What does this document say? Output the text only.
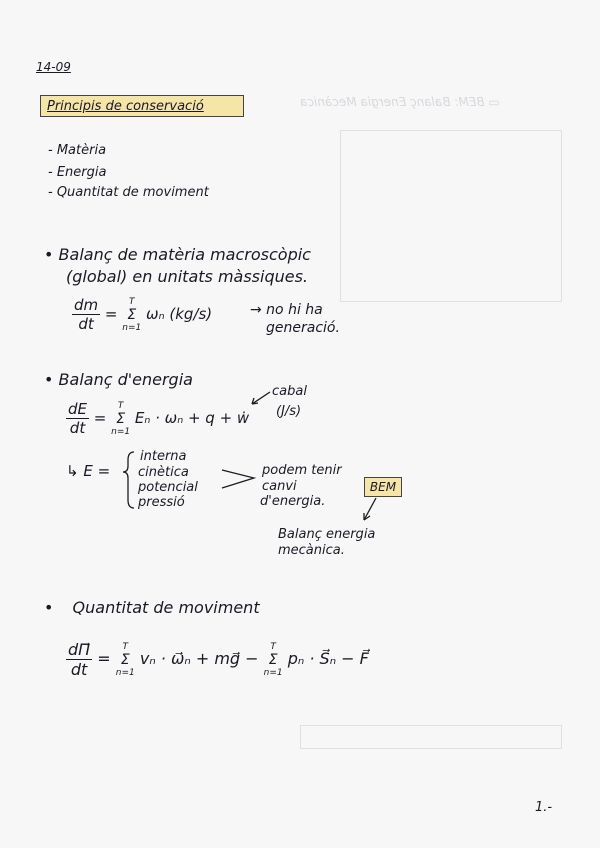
▭ BEM: Balanç Energia Mecànica
14-09
Principis de conservació
- Matèria
- Energia
- Quantitat de moviment
• Balanç de matèria macroscòpic
(global) en unitats màssiques.
$\frac{dm}{dt}$ =
T
Σ
n=1
ωₙ (kg/s)	→ no hi ha
generació.
• Balanç d'energia
cabal
$\frac{dE}{dt}$ =
T
Σ
n=1
Eₙ · ωₙ + q + ẇ (J/s)
↳ E =
interna
cinètica
potencial
pressió
podem tenir
canvi
d'energia.
BEM
Balanç energia
mecànica.
• Quantitat de moviment
$\frac{d\Pi⃗}{dt}$ =
T
Σ
n=1
vₙ · ω⃗ₙ + mg⃗ −
T
Σ
n=1
pₙ · S⃗ₙ − F⃗
1.-
